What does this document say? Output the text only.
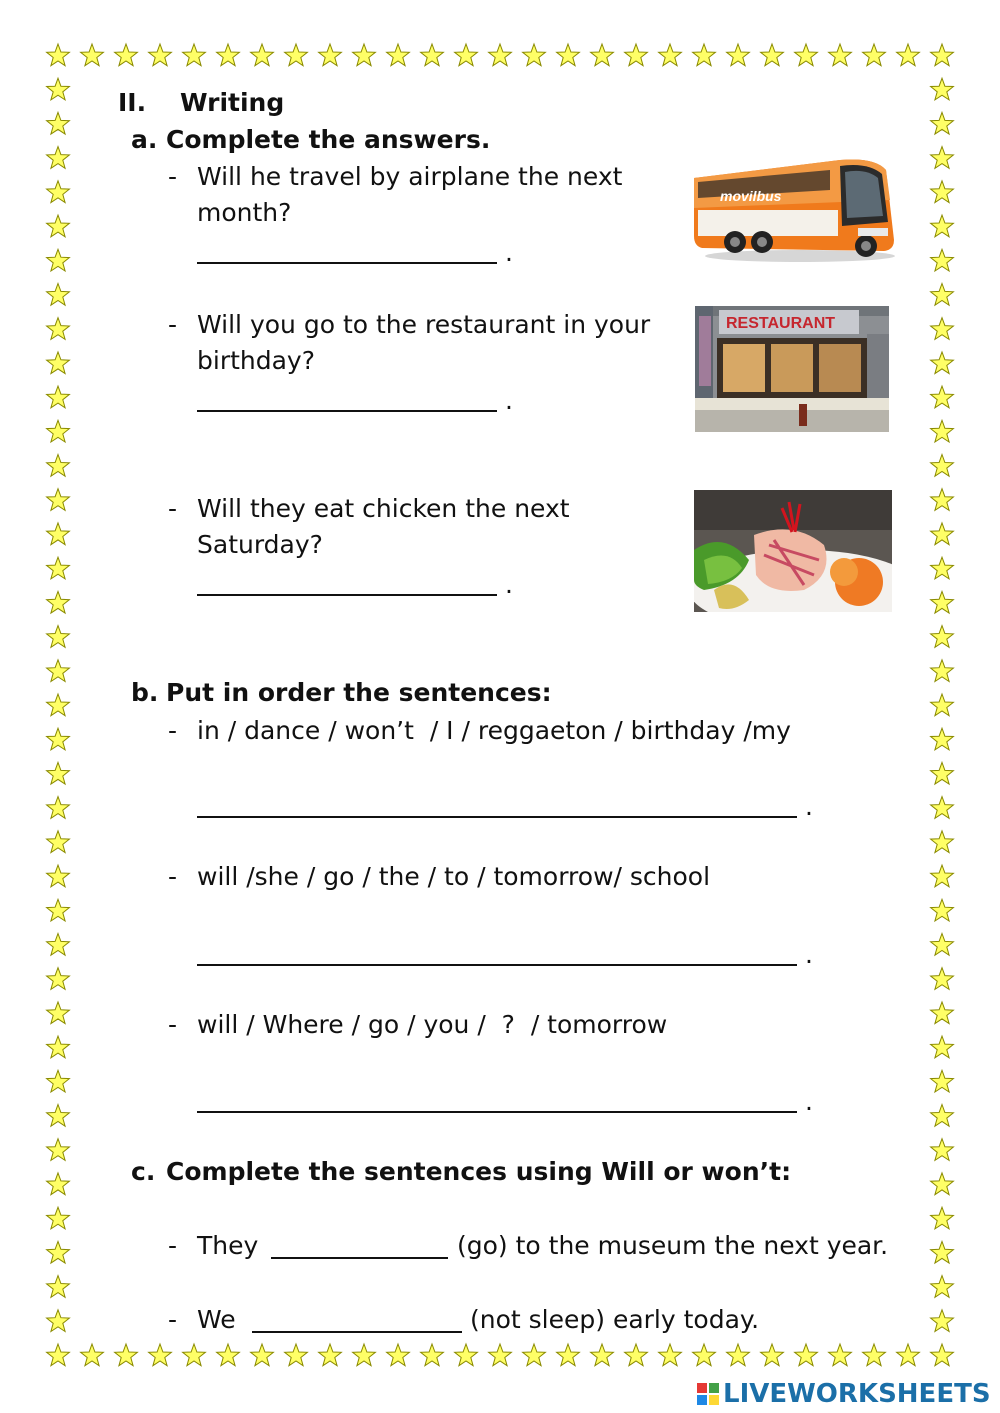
II. Writing
a. Complete the answers.
- Will he travel by airplane the next
month?
.
- Will you go to the restaurant in your
birthday?
.
- Will they eat chicken the next
Saturday?
.
movilbus
RESTAURANT
b. Put in order the sentences:
- in / dance / won’t  / I / reggaeton / birthday /my
.
- will /she / go / the / to / tomorrow/ school
.
- will / Where / go / you /  ?  / tomorrow
.
c. Complete the sentences using Will or won’t:
- They	(go) to the museum the next year.
- We	(not sleep) early today.
LIVEWORKSHEETS
